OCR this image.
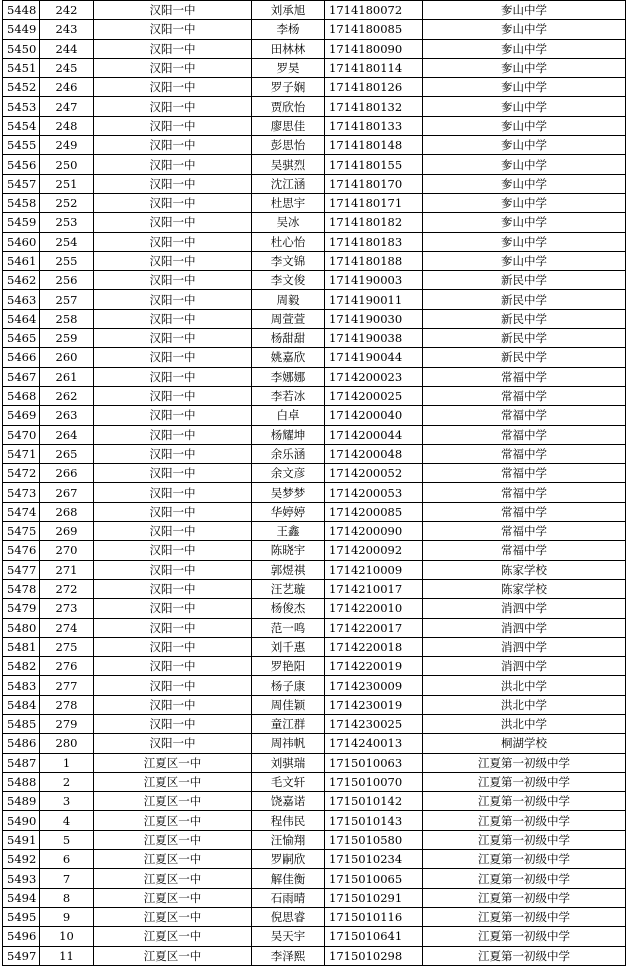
5448	242	汉阳一中	刘承旭	1714180072	奓山中学
5449	243	汉阳一中	李杨	1714180085	奓山中学
5450	244	汉阳一中	田林林	1714180090	奓山中学
5451	245	汉阳一中	罗昊	1714180114	奓山中学
5452	246	汉阳一中	罗子娴	1714180126	奓山中学
5453	247	汉阳一中	贾欣怡	1714180132	奓山中学
5454	248	汉阳一中	廖思佳	1714180133	奓山中学
5455	249	汉阳一中	彭思怡	1714180148	奓山中学
5456	250	汉阳一中	吴骐烈	1714180155	奓山中学
5457	251	汉阳一中	沈江涵	1714180170	奓山中学
5458	252	汉阳一中	杜思宇	1714180171	奓山中学
5459	253	汉阳一中	吴冰	1714180182	奓山中学
5460	254	汉阳一中	杜心怡	1714180183	奓山中学
5461	255	汉阳一中	李文锦	1714180188	奓山中学
5462	256	汉阳一中	李文俊	1714190003	新民中学
5463	257	汉阳一中	周毅	1714190011	新民中学
5464	258	汉阳一中	周萱萱	1714190030	新民中学
5465	259	汉阳一中	杨甜甜	1714190038	新民中学
5466	260	汉阳一中	姚嘉欣	1714190044	新民中学
5467	261	汉阳一中	李娜娜	1714200023	常福中学
5468	262	汉阳一中	李若冰	1714200025	常福中学
5469	263	汉阳一中	白卓	1714200040	常福中学
5470	264	汉阳一中	杨耀坤	1714200044	常福中学
5471	265	汉阳一中	余乐涵	1714200048	常福中学
5472	266	汉阳一中	余文彦	1714200052	常福中学
5473	267	汉阳一中	吴梦梦	1714200053	常福中学
5474	268	汉阳一中	华婷婷	1714200085	常福中学
5475	269	汉阳一中	王鑫	1714200090	常福中学
5476	270	汉阳一中	陈晓宇	1714200092	常福中学
5477	271	汉阳一中	郭煜祺	1714210009	陈家学校
5478	272	汉阳一中	汪艺璇	1714210017	陈家学校
5479	273	汉阳一中	杨俊杰	1714220010	消泗中学
5480	274	汉阳一中	范一鸣	1714220017	消泗中学
5481	275	汉阳一中	刘千惠	1714220018	消泗中学
5482	276	汉阳一中	罗艳阳	1714220019	消泗中学
5483	277	汉阳一中	杨子康	1714230009	洪北中学
5484	278	汉阳一中	周佳颖	1714230019	洪北中学
5485	279	汉阳一中	童江群	1714230025	洪北中学
5486	280	汉阳一中	周祎帆	1714240013	桐湖学校
5487	1	江夏区一中	刘骐瑞	1715010063	江夏第一初级中学
5488	2	江夏区一中	毛文轩	1715010070	江夏第一初级中学
5489	3	江夏区一中	饶嘉诺	1715010142	江夏第一初级中学
5490	4	江夏区一中	程伟民	1715010143	江夏第一初级中学
5491	5	江夏区一中	汪愉翔	1715010580	江夏第一初级中学
5492	6	江夏区一中	罗嗣欣	1715010234	江夏第一初级中学
5493	7	江夏区一中	解佳衡	1715010065	江夏第一初级中学
5494	8	江夏区一中	石雨晴	1715010291	江夏第一初级中学
5495	9	江夏区一中	倪思睿	1715010116	江夏第一初级中学
5496	10	江夏区一中	吴天宇	1715010641	江夏第一初级中学
5497	11	江夏区一中	李泽熙	1715010298	江夏第一初级中学
